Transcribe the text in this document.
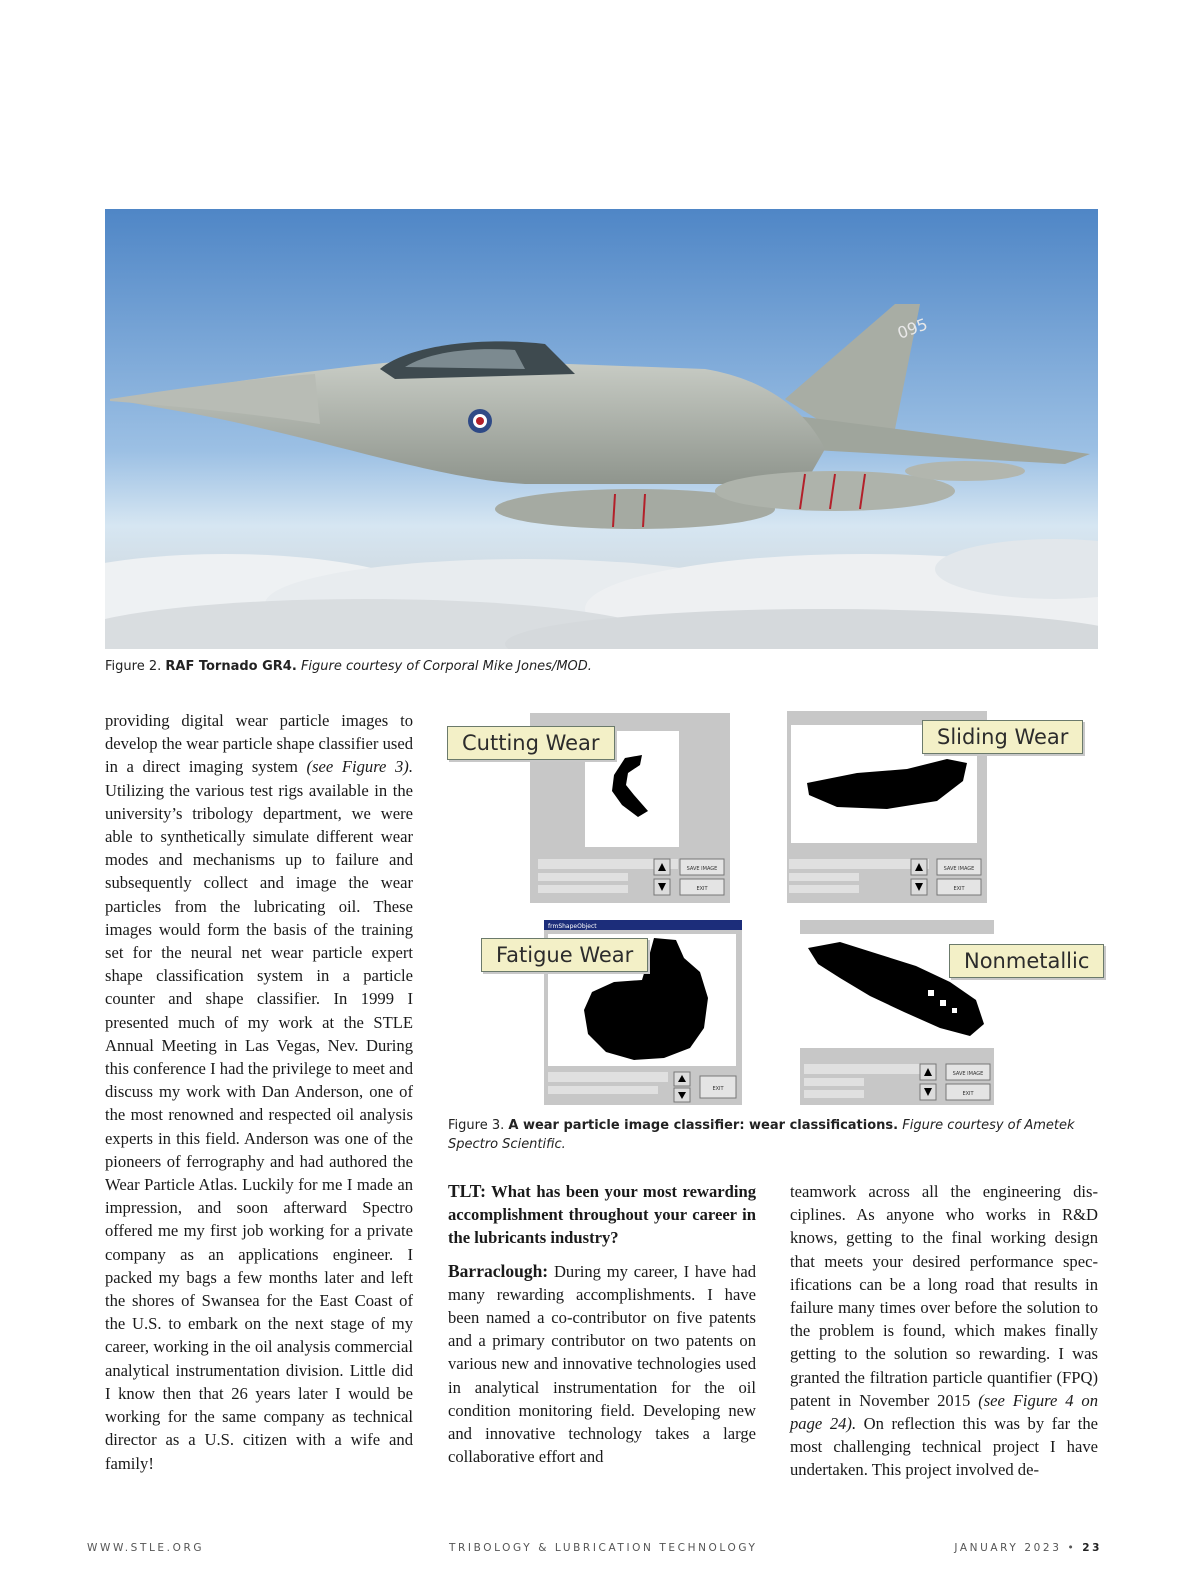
095
Figure 2. RAF Tornado GR4. Figure courtesy of Corporal Mike Jones/MOD.

providing digital wear particle images to develop the wear particle shape classifier used in a direct imaging system (see Figure 3). Utilizing the various test rigs available in the university’s tribology department, we were able to synthetically simulate different wear modes and mechanisms up to failure and subsequently collect and image the wear particles from the lubricating oil. These images would form the basis of the training set for the neural net wear particle expert shape classification system in a particle counter and shape classifier. In 1999 I presented much of my work at the STLE Annual Meeting in Las Vegas, Nev. During this conference I had the privilege to meet and discuss my work with Dan Anderson, one of the most renowned and respected oil analysis experts in this field. Anderson was one of the pioneers of ferrography and had authored the Wear Particle Atlas. Luckily for me I made an impression, and soon afterward Spectro offered me my first job working for a private company as an applications engineer. I packed my bags a few months later and left the shores of Swansea for the East Coast of the U.S. to embark on the next stage of my career, working in the oil analysis commercial analytical instrumentation division. Little did I know then that 26 years later I would be working for the same company as technical director as a U.S. citizen with a wife and family!

SAVE IMAGE
EXIT
Cutting Wear
SAVE IMAGE
EXIT
Sliding Wear
frmShapeObject
EXIT
Fatigue Wear
SAVE IMAGE
EXIT
Nonmetallic
Figure 3. A wear particle image classifier: wear classifications. Figure courtesy of Ametek Spectro Scientific.

TLT: What has been your most rewarding accomplishment throughout your career in the lubricants industry?

Barraclough: During my career, I have had many rewarding accomplishments. I have been named a co-contributor on five patents and a primary contributor on two patents on various new and innovative technologies used in analytical instrumentation for the oil condition monitoring field. Developing new and innovative technology takes a large collaborative effort and

teamwork across all the engineering disciplines. As anyone who works in R&D knows, getting to the final working design that meets your desired performance specifications can be a long road that results in failure many times over before the solution to the problem is found, which makes finally getting to the solution so rewarding. I was granted the filtration particle quantifier (FPQ) patent in November 2015 (see Figure 4 on page 24). On reflection this was by far the most challenging technical project I have undertaken. This project involved de-

WWW.STLE.ORG	TRIBOLOGY & LUBRICATION TECHNOLOGY	JANUARY 2023 • 23
